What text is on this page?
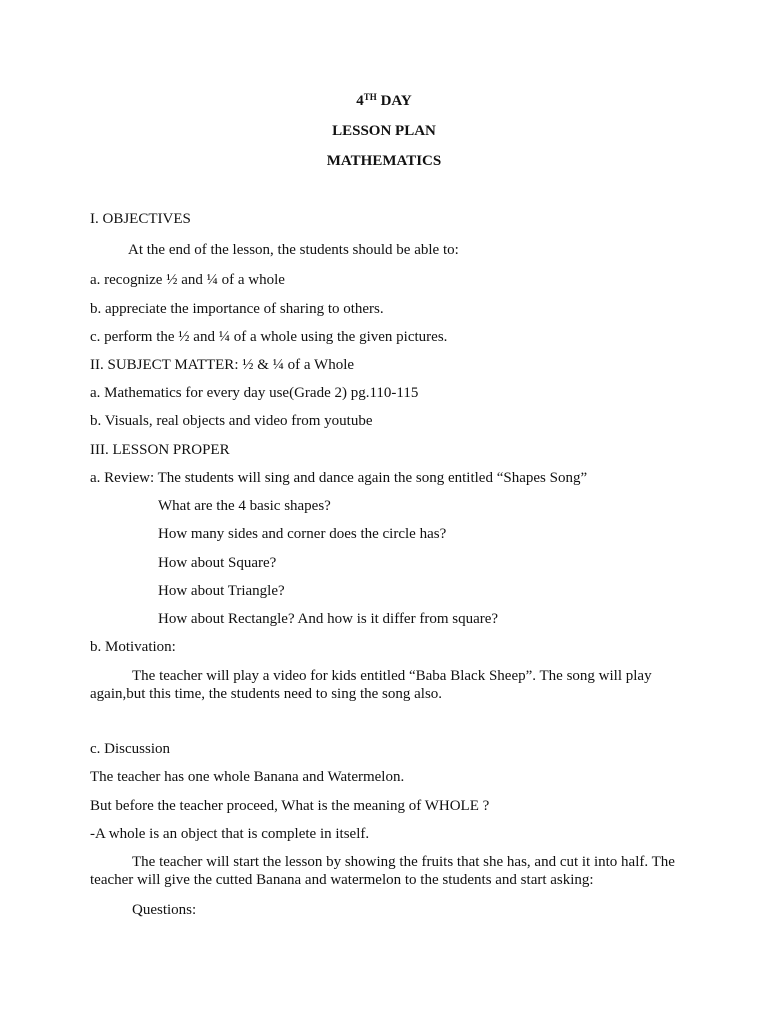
4TH DAY
LESSON PLAN
MATHEMATICS
I. OBJECTIVES
At the end of the lesson, the students should be able to:
a. recognize ½ and ¼ of a whole
b. appreciate the importance of sharing to others.
c. perform the ½ and ¼ of a whole using the given pictures.
II. SUBJECT MATTER: ½ & ¼ of a Whole
a. Mathematics for every day use(Grade 2) pg.110-115
b. Visuals, real objects and video from youtube
III. LESSON PROPER
a. Review: The students will sing and dance again the song entitled “Shapes Song”
What are the 4 basic shapes?
How many sides and corner does the circle has?
How about Square?
How about Triangle?
How about Rectangle? And how is it differ from square?
b. Motivation:
The teacher will play a video for kids entitled “Baba Black Sheep”. The song will play
again,but this time, the students need to sing the song also.
c. Discussion
The teacher has one whole Banana and Watermelon.
But before the teacher proceed, What is the meaning of WHOLE ?
-A whole is an object that is complete in itself.
The teacher will start the lesson by showing the fruits that she has, and cut it into half. The
teacher will give the cutted Banana and watermelon to the students and start asking:
Questions:
